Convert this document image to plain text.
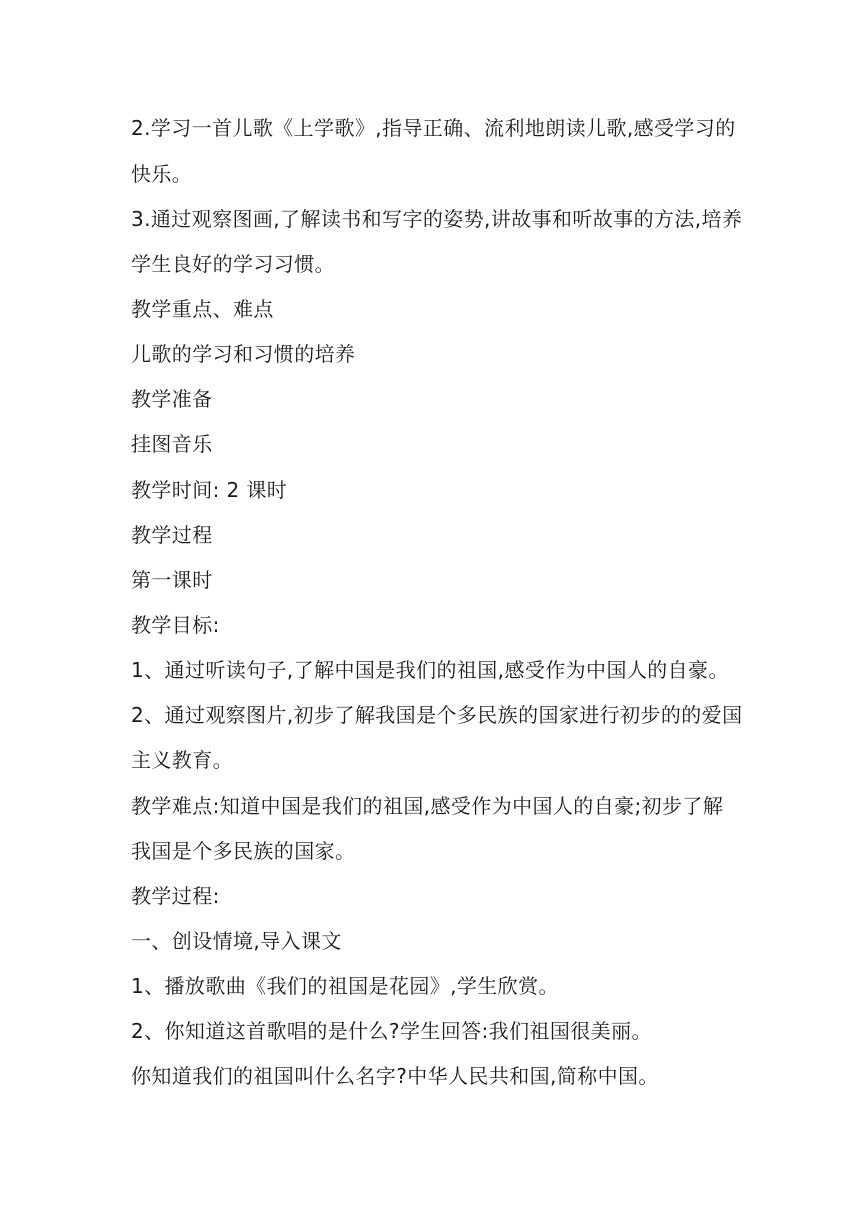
2.学习一首儿歌《上学歌》,指导正确、流利地朗读儿歌,感受学习的

快乐。

3.通过观察图画,了解读书和写字的姿势,讲故事和听故事的方法,培养

学生良好的学习习惯。

教学重点、难点

儿歌的学习和习惯的培养

教学准备

挂图音乐

教学时间: 2 课时

教学过程

第一课时

教学目标:

1、通过听读句子,了解中国是我们的祖国,感受作为中国人的自豪。

2、通过观察图片,初步了解我国是个多民族的国家进行初步的的爱国

主义教育。

教学难点:知道中国是我们的祖国,感受作为中国人的自豪;初步了解

我国是个多民族的国家。

教学过程:

一、创设情境,导入课文

1、播放歌曲《我们的祖国是花园》,学生欣赏。

2、你知道这首歌唱的是什么?学生回答:我们祖国很美丽。

你知道我们的祖国叫什么名字?中华人民共和国,简称中国。
